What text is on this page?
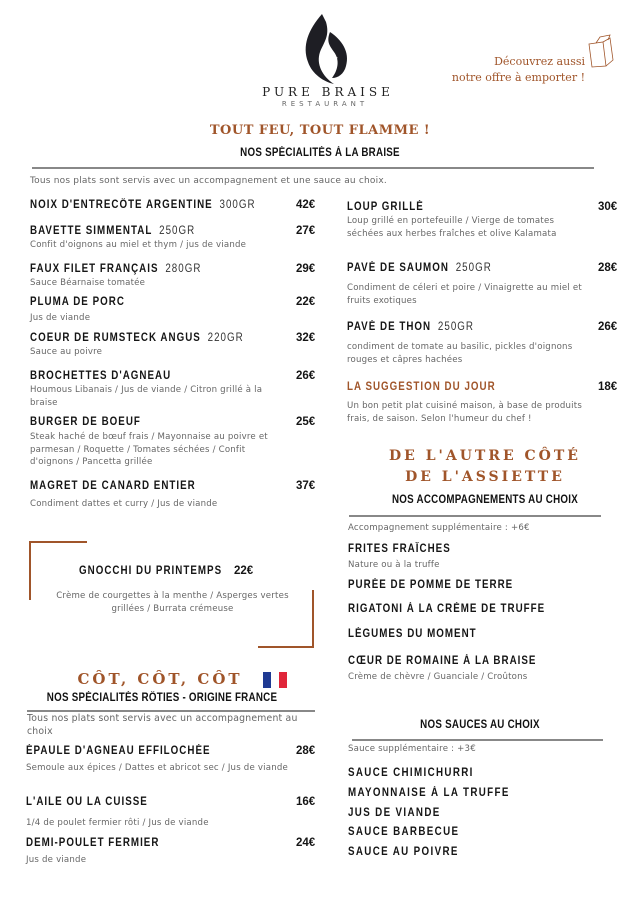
PURE BRAISE
RESTAURANT
Découvrez aussi
notre offre à emporter !
TOUT FEU, TOUT FLAMME !
NOS SPÉCIALITÉS À LA BRAISE
Tous nos plats sont servis avec un accompagnement et une sauce au choix.
NOIX D'ENTRECÔTE ARGENTINE 300GR	42€
BAVETTE SIMMENTAL 250GR	27€
Confit d'oignons au miel et thym / jus de viande
FAUX FILET FRANÇAIS 280GR	29€
Sauce Béarnaise tomatée
PLUMA DE PORC	22€
Jus de viande
COEUR DE RUMSTECK ANGUS 220GR	32€
Sauce au poivre
BROCHETTES D'AGNEAU	26€
Houmous Libanais / Jus de viande / Citron grillé à la braise
BURGER DE BOEUF	25€
Steak haché de bœuf frais / Mayonnaise au poivre et parmesan / Roquette / Tomates séchées / Confit d'oignons / Pancetta grillée
MAGRET DE CANARD ENTIER	37€
Condiment dattes et curry / Jus de viande
LOUP GRILLÉ	30€
Loup grillé en portefeuille / Vierge de tomates séchées aux herbes fraîches et olive Kalamata
PAVÉ DE SAUMON 250GR	28€
Condiment de céleri et poire / Vinaigrette au miel et fruits exotiques
PAVÉ DE THON 250GR	26€
condiment de tomate au basilic, pickles d'oignons rouges et câpres hachées
LA SUGGESTION DU JOUR	18€
Un bon petit plat cuisiné maison, à base de produits frais, de saison. Selon l'humeur du chef !
GNOCCHI DU PRINTEMPS 22€
Crème de courgettes à la menthe / Asperges vertes grillées / Burrata crémeuse
CÔT, CÔT, CÔT
NOS SPÉCIALITÉS RÔTIES - ORIGINE FRANCE
Tous nos plats sont servis avec un accompagnement au choix
ÉPAULE D'AGNEAU EFFILOCHÉE	28€
Semoule aux épices / Dattes et abricot sec / Jus de viande
L'AILE OU LA CUISSE	16€
1/4 de poulet fermier rôti / Jus de viande
DEMI-POULET FERMIER	24€
Jus de viande
DE L'AUTRE CÔTÉ
DE L'ASSIETTE
NOS ACCOMPAGNEMENTS AU CHOIX
Accompagnement supplémentaire : +6€
FRITES FRAÎCHES
Nature ou à la truffe
PURÉE DE POMME DE TERRE
RIGATONI À LA CRÈME DE TRUFFE
LÉGUMES DU MOMENT
CŒUR DE ROMAINE À LA BRAISE
Crème de chèvre / Guanciale / Croûtons
NOS SAUCES AU CHOIX
Sauce supplémentaire : +3€
SAUCE CHIMICHURRI
MAYONNAISE À LA TRUFFE
JUS DE VIANDE
SAUCE BARBECUE
SAUCE AU POIVRE
